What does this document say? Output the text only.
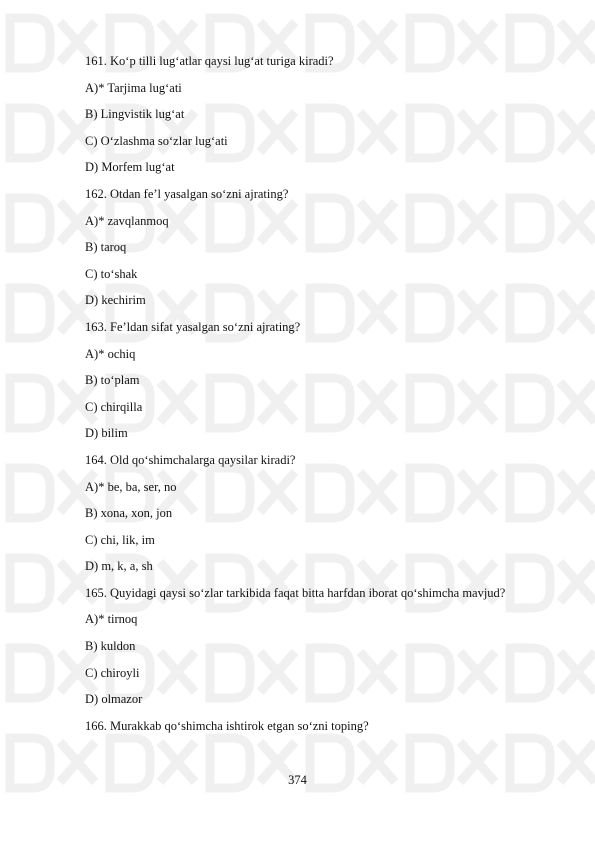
161. Ko‘p tilli lug‘atlar qaysi lug‘at turiga kiradi?
A)* Tarjima lug‘ati
B) Lingvistik lug‘at
C) O‘zlashma so‘zlar lug‘ati
D) Morfem lug‘at
162. Otdan fe’l yasalgan so‘zni ajrating?
A)* zavqlanmoq
B) taroq
C) to‘shak
D) kechirim
163. Fe’ldan sifat yasalgan so‘zni ajrating?
A)* ochiq
B) to‘plam
C) chirqilla
D) bilim
164. Old qo‘shimchalarga qaysilar kiradi?
A)* be, ba, ser, no
B) xona, xon, jon
C) chi, lik, im
D) m, k, a, sh
165. Quyidagi qaysi so‘zlar tarkibida faqat bitta harfdan iborat qo‘shimcha mavjud?
A)* tirnoq
B) kuldon
C) chiroyli
D) olmazor
166. Murakkab qo‘shimcha ishtirok etgan so‘zni toping?
374
